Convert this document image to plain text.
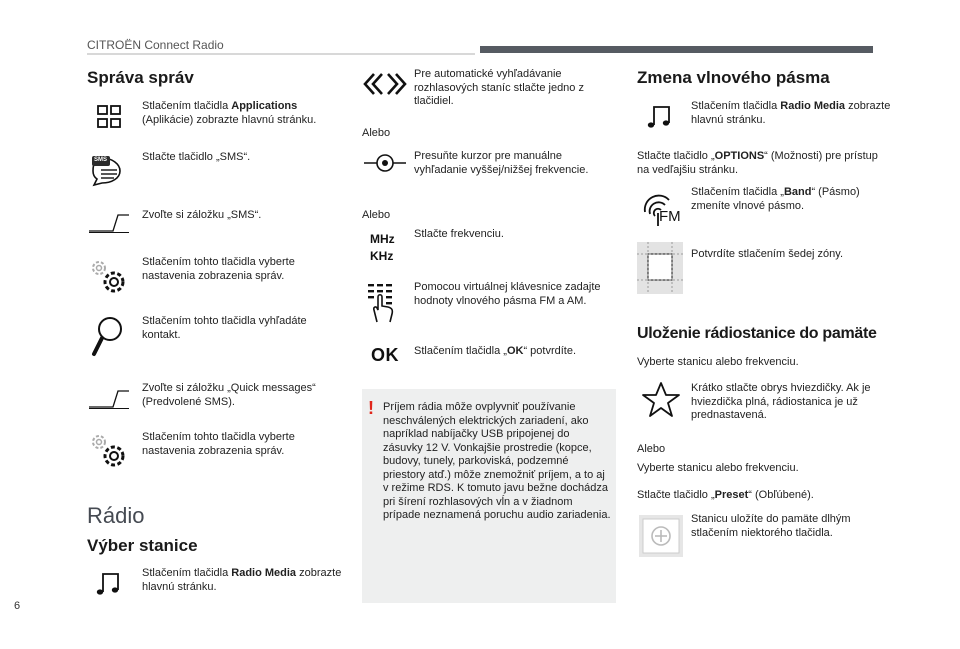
CITROËN Connect Radio
Správa správ
Stlačením tlačidla Applications (Aplikácie) zobrazte hlavnú stránku.
SMS	Stlačte tlačidlo „SMS“.
Zvoľte si záložku „SMS“.
Stlačením tohto tlačidla vyberte nastavenia zobrazenia správ.
Stlačením tohto tlačidla vyhľadáte kontakt.
Zvoľte si záložku „Quick messages“ (Predvolené SMS).
Stlačením tohto tlačidla vyberte nastavenia zobrazenia správ.
Rádio
Výber stanice
Stlačením tlačidla Radio Media zobrazte hlavnú stránku.
Pre automatické vyhľadávanie rozhlasových staníc stlačte jedno z tlačidiel.
Alebo
Presuňte kurzor pre manuálne vyhľadanie vyššej/nižšej frekvencie.
Alebo
MHz
KHz
Stlačte frekvenciu.
Pomocou virtuálnej klávesnice zadajte hodnoty vlnového pásma FM a AM.
OK Stlačením tlačidla „OK“ potvrdíte.
! Príjem rádia môže ovplyvniť používanie neschválených elektrických zariadení, ako napríklad nabíjačky USB pripojenej do zásuvky 12 V. Vonkajšie prostredie (kopce, budovy, tunely, parkoviská, podzemné priestory atď.) môže znemožniť príjem, a to aj v režime RDS. K tomuto javu bežne dochádza pri šírení rozhlasových vĺn a v žiadnom prípade neznamená poruchu audio zariadenia.
Zmena vlnového pásma
Stlačením tlačidla Radio Media zobrazte hlavnú stránku.
Stlačte tlačidlo „OPTIONS“ (Možnosti) pre prístup na vedľajšiu stránku.
FM
Stlačením tlačidla „Band“ (Pásmo) zmeníte vlnové pásmo.
Potvrdíte stlačením šedej zóny.
Uloženie rádiostanice do pamäte
Vyberte stanicu alebo frekvenciu.
Krátko stlačte obrys hviezdičky. Ak je hviezdička plná, rádiostanica je už prednastavená.
Alebo
Vyberte stanicu alebo frekvenciu.
Stlačte tlačidlo „Preset“ (Obľúbené).
Stanicu uložíte do pamäte dlhým stlačením niektorého tlačidla.
6
